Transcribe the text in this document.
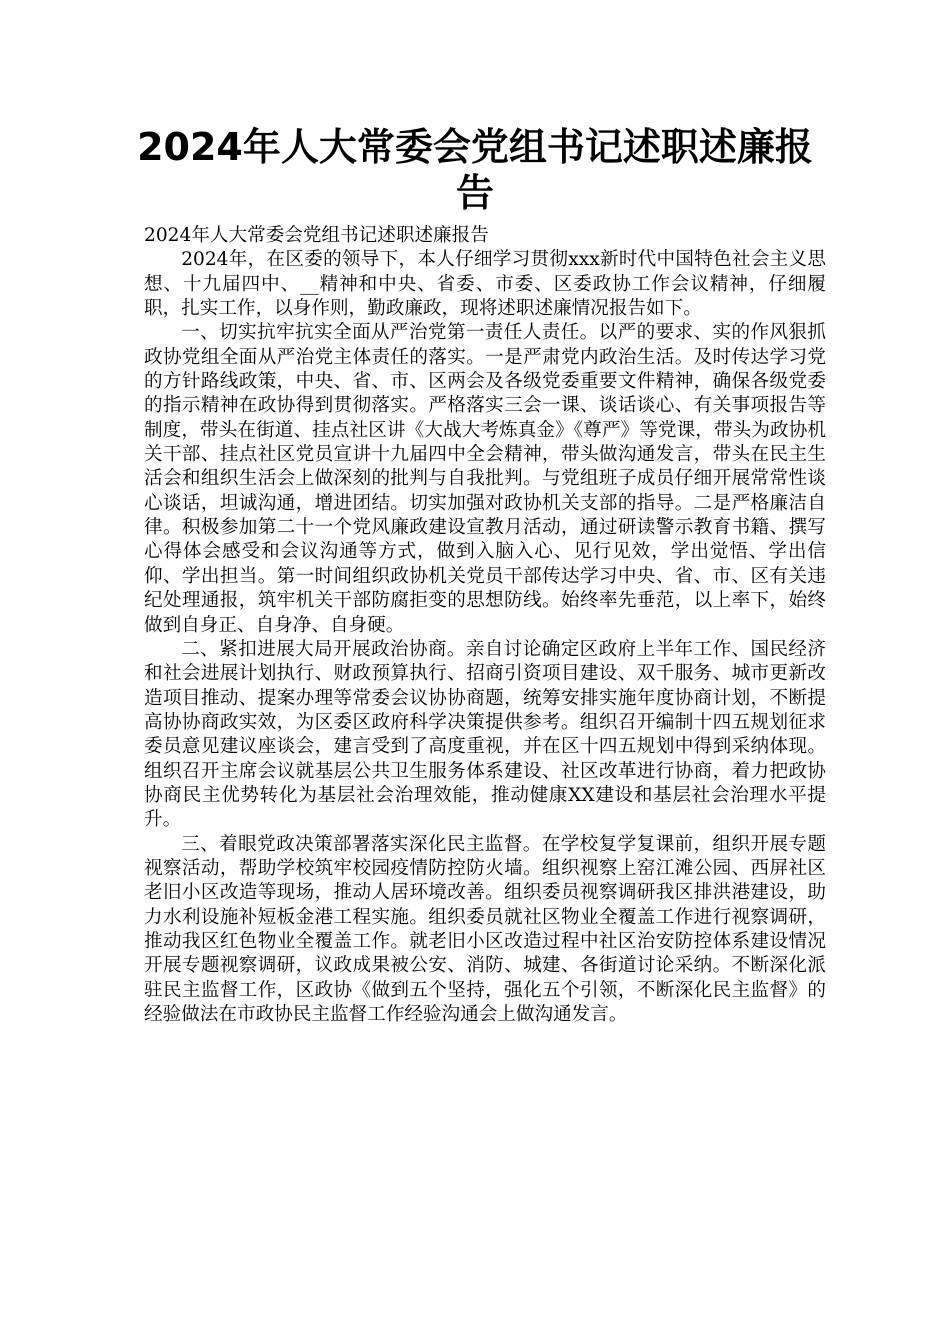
2024年人大常委会党组书记述职述廉报告

2024年人大常委会党组书记述职述廉报告

2024年，在区委的领导下，本人仔细学习贯彻xxx新时代中国特色社会主义思想、十九届四中、__精神和中央、省委、市委、区委政协工作会议精神，仔细履职，扎实工作，以身作则，勤政廉政，现将述职述廉情况报告如下。

一、切实抗牢抗实全面从严治党第一责任人责任。以严的要求、实的作风狠抓政协党组全面从严治党主体责任的落实。一是严肃党内政治生活。及时传达学习党的方针路线政策，中央、省、市、区两会及各级党委重要文件精神，确保各级党委的指示精神在政协得到贯彻落实。严格落实三会一课、谈话谈心、有关事项报告等制度，带头在街道、挂点社区讲《大战大考炼真金》《尊严》等党课，带头为政协机关干部、挂点社区党员宣讲十九届四中全会精神，带头做沟通发言，带头在民主生活会和组织生活会上做深刻的批判与自我批判。与党组班子成员仔细开展常常性谈心谈话，坦诚沟通，增进团结。切实加强对政协机关支部的指导。二是严格廉洁自律。积极参加第二十一个党风廉政建设宣教月活动，通过研读警示教育书籍、撰写心得体会感受和会议沟通等方式，做到入脑入心、见行见效，学出觉悟、学出信仰、学出担当。第一时间组织政协机关党员干部传达学习中央、省、市、区有关违纪处理通报，筑牢机关干部防腐拒变的思想防线。始终率先垂范，以上率下，始终做到自身正、自身净、自身硬。

二、紧扣进展大局开展政治协商。亲自讨论确定区政府上半年工作、国民经济和社会进展计划执行、财政预算执行、招商引资项目建设、双千服务、城市更新改造项目推动、提案办理等常委会议协协商题，统筹安排实施年度协商计划，不断提高协协商政实效，为区委区政府科学决策提供参考。组织召开编制十四五规划征求委员意见建议座谈会，建言受到了高度重视，并在区十四五规划中得到采纳体现。组织召开主席会议就基层公共卫生服务体系建设、社区改革进行协商，着力把政协协商民主优势转化为基层社会治理效能，推动健康XX建设和基层社会治理水平提升。

三、着眼党政决策部署落实深化民主监督。在学校复学复课前，组织开展专题视察活动，帮助学校筑牢校园疫情防控防火墙。组织视察上窑江滩公园、西屏社区老旧小区改造等现场，推动人居环境改善。组织委员视察调研我区排洪港建设，助力水利设施补短板金港工程实施。组织委员就社区物业全覆盖工作进行视察调研，推动我区红色物业全覆盖工作。就老旧小区改造过程中社区治安防控体系建设情况开展专题视察调研，议政成果被公安、消防、城建、各街道讨论采纳。不断深化派驻民主监督工作，区政协《做到五个坚持，强化五个引领，不断深化民主监督》的经验做法在市政协民主监督工作经验沟通会上做沟通发言。
